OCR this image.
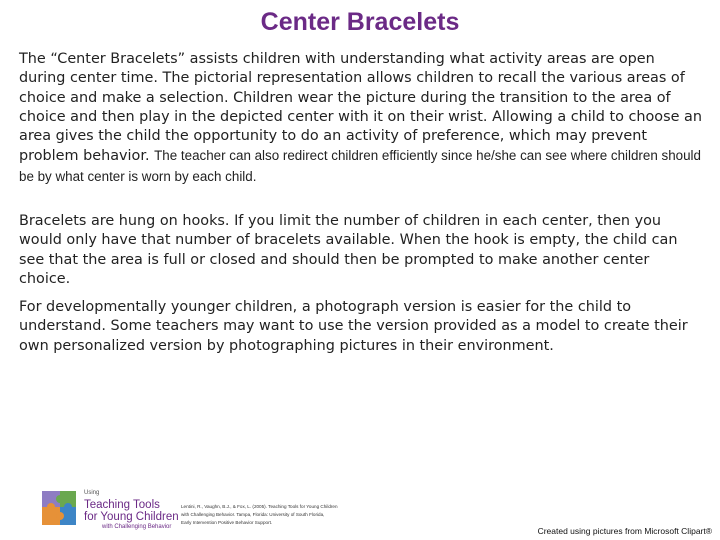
Center Bracelets
The “Center Bracelets” assists children with understanding what activity areas are open during center time. The pictorial representation allows children to recall the various areas of choice and make a selection. Children wear the picture during the transition to the area of choice and then play in the depicted center with it on their wrist. Allowing a child to choose an area gives the child the opportunity to do an activity of preference, which may prevent problem behavior. The teacher can also redirect children efficiently since he/she can see where children should be by what center is worn by each child.
Bracelets are hung on hooks. If you limit the number of children in each center, then you would only have that number of bracelets available. When the hook is empty, the child can see that the area is full or closed and should then be prompted to make another center choice.
For developmentally younger children, a photograph version is easier for the child to understand. Some teachers may want to use the version provided as a model to create their own personalized version by photographing pictures in their environment.
Using
Teaching Tools
for Young Children
with Challenging Behavior
Lentini, R., Vaughn, B.J., & Fox, L. (2005). Teaching Tools for Young Children
with Challenging Behavior. Tampa, Florida: University of South Florida,
Early Intervention Positive Behavior Support.
Created using pictures from Microsoft Clipart®
